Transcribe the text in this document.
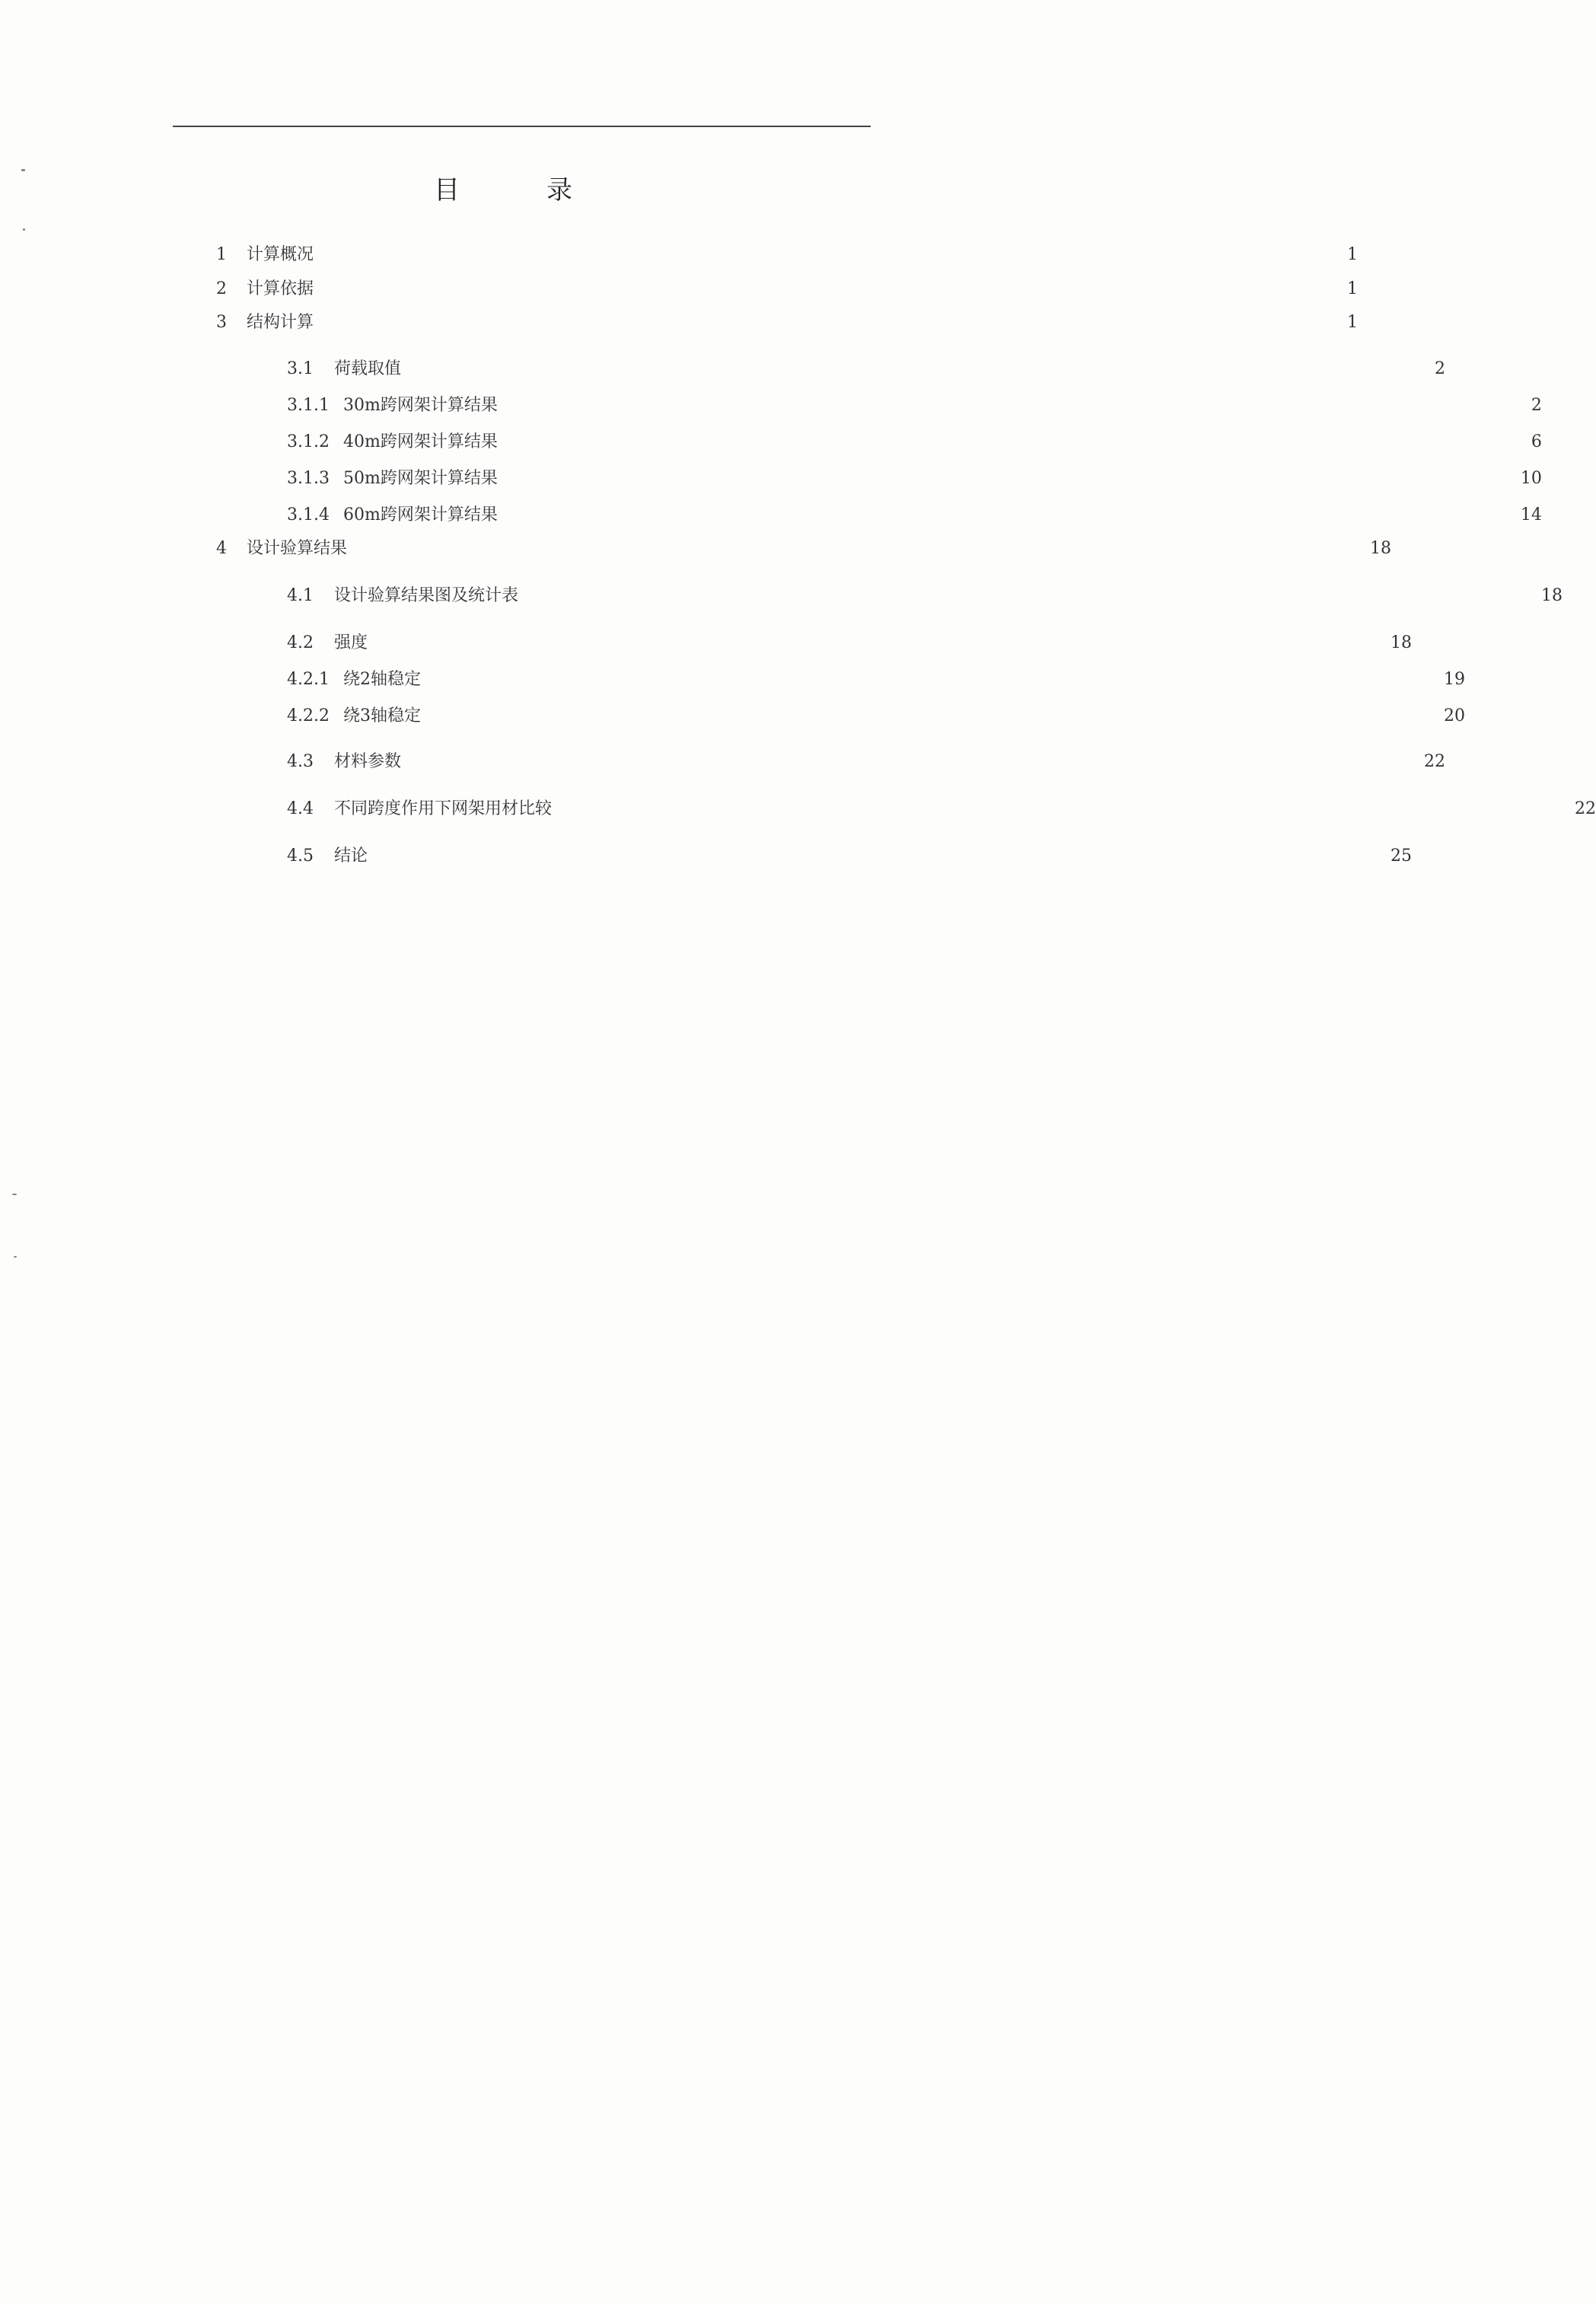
目　录
1	计算概况	1
2	计算依据	1
3	结构计算	1
3.1	荷载取值	2
3.1.1 30m跨网架计算结果	2
3.1.2 40m跨网架计算结果	6
3.1.3 50m跨网架计算结果	10
3.1.4 60m跨网架计算结果	14
4	设计验算结果	18
4.1	设计验算结果图及统计表	18
4.2	强度	18
4.2.1 绕2轴稳定	19
4.2.2 绕3轴稳定	20
4.3	材料参数	22
4.4	不同跨度作用下网架用材比较	22
4.5	结论	25
